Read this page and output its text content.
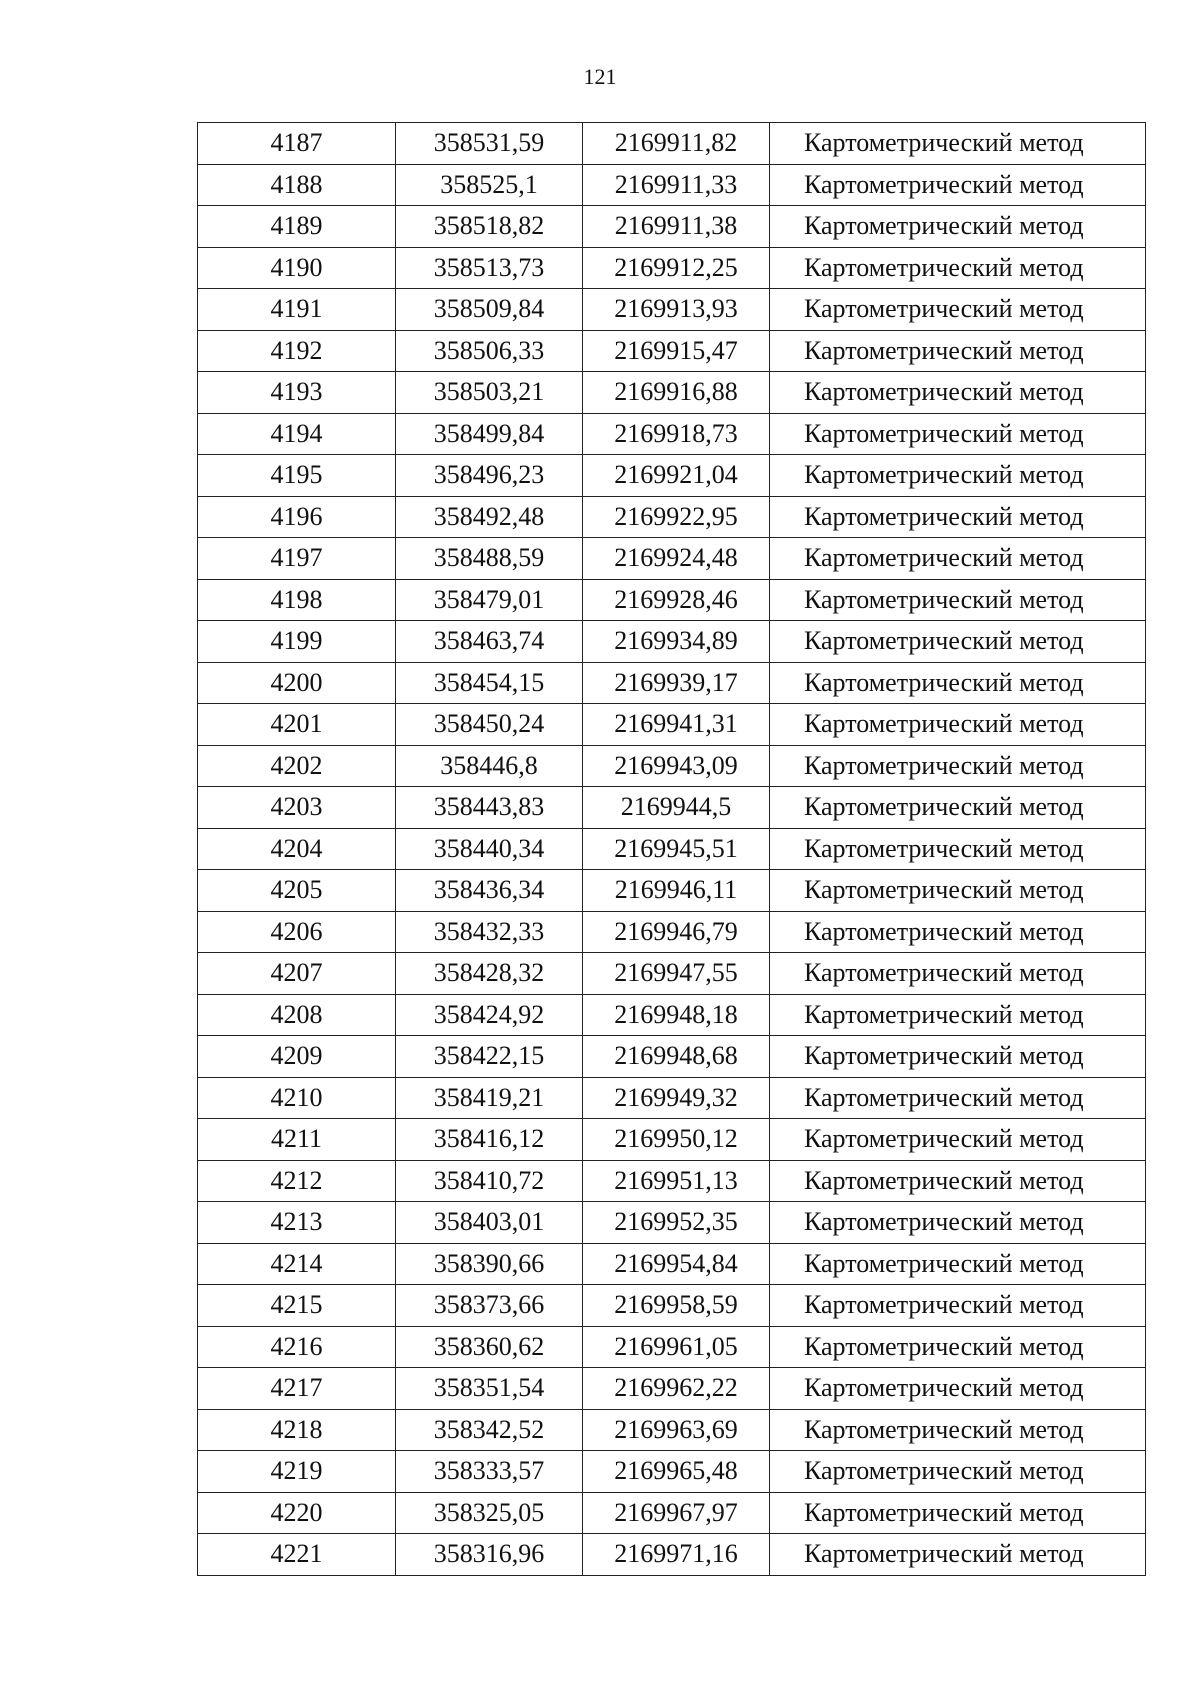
121
4187	358531,59	2169911,82	Картометрический метод
4188	358525,1	2169911,33	Картометрический метод
4189	358518,82	2169911,38	Картометрический метод
4190	358513,73	2169912,25	Картометрический метод
4191	358509,84	2169913,93	Картометрический метод
4192	358506,33	2169915,47	Картометрический метод
4193	358503,21	2169916,88	Картометрический метод
4194	358499,84	2169918,73	Картометрический метод
4195	358496,23	2169921,04	Картометрический метод
4196	358492,48	2169922,95	Картометрический метод
4197	358488,59	2169924,48	Картометрический метод
4198	358479,01	2169928,46	Картометрический метод
4199	358463,74	2169934,89	Картометрический метод
4200	358454,15	2169939,17	Картометрический метод
4201	358450,24	2169941,31	Картометрический метод
4202	358446,8	2169943,09	Картометрический метод
4203	358443,83	2169944,5	Картометрический метод
4204	358440,34	2169945,51	Картометрический метод
4205	358436,34	2169946,11	Картометрический метод
4206	358432,33	2169946,79	Картометрический метод
4207	358428,32	2169947,55	Картометрический метод
4208	358424,92	2169948,18	Картометрический метод
4209	358422,15	2169948,68	Картометрический метод
4210	358419,21	2169949,32	Картометрический метод
4211	358416,12	2169950,12	Картометрический метод
4212	358410,72	2169951,13	Картометрический метод
4213	358403,01	2169952,35	Картометрический метод
4214	358390,66	2169954,84	Картометрический метод
4215	358373,66	2169958,59	Картометрический метод
4216	358360,62	2169961,05	Картометрический метод
4217	358351,54	2169962,22	Картометрический метод
4218	358342,52	2169963,69	Картометрический метод
4219	358333,57	2169965,48	Картометрический метод
4220	358325,05	2169967,97	Картометрический метод
4221	358316,96	2169971,16	Картометрический метод
